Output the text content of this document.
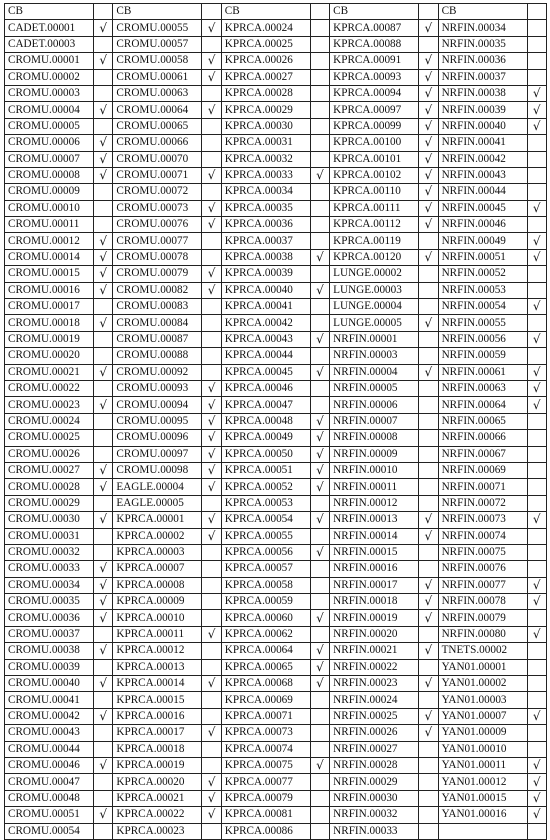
CB		CB		CB		CB		CB	
CADET.00001	√	CROMU.00055	√	KPRCA.00024		KPRCA.00087	√	NRFIN.00034	
CADET.00003		CROMU.00057		KPRCA.00025		KPRCA.00088		NRFIN.00035	
CROMU.00001	√	CROMU.00058	√	KPRCA.00026		KPRCA.00091	√	NRFIN.00036	
CROMU.00002		CROMU.00061	√	KPRCA.00027		KPRCA.00093	√	NRFIN.00037	
CROMU.00003		CROMU.00063		KPRCA.00028		KPRCA.00094	√	NRFIN.00038	√
CROMU.00004	√	CROMU.00064	√	KPRCA.00029		KPRCA.00097	√	NRFIN.00039	√
CROMU.00005		CROMU.00065		KPRCA.00030		KPRCA.00099	√	NRFIN.00040	√
CROMU.00006	√	CROMU.00066		KPRCA.00031		KPRCA.00100	√	NRFIN.00041	
CROMU.00007	√	CROMU.00070		KPRCA.00032		KPRCA.00101	√	NRFIN.00042	
CROMU.00008	√	CROMU.00071	√	KPRCA.00033	√	KPRCA.00102	√	NRFIN.00043	
CROMU.00009		CROMU.00072		KPRCA.00034		KPRCA.00110	√	NRFIN.00044	
CROMU.00010		CROMU.00073	√	KPRCA.00035		KPRCA.00111	√	NRFIN.00045	√
CROMU.00011		CROMU.00076	√	KPRCA.00036		KPRCA.00112	√	NRFIN.00046	
CROMU.00012	√	CROMU.00077		KPRCA.00037		KPRCA.00119		NRFIN.00049	√
CROMU.00014	√	CROMU.00078		KPRCA.00038	√	KPRCA.00120	√	NRFIN.00051	√
CROMU.00015	√	CROMU.00079	√	KPRCA.00039		LUNGE.00002		NRFIN.00052	
CROMU.00016	√	CROMU.00082	√	KPRCA.00040	√	LUNGE.00003		NRFIN.00053	
CROMU.00017		CROMU.00083		KPRCA.00041		LUNGE.00004		NRFIN.00054	√
CROMU.00018	√	CROMU.00084		KPRCA.00042		LUNGE.00005	√	NRFIN.00055	
CROMU.00019		CROMU.00087		KPRCA.00043	√	NRFIN.00001		NRFIN.00056	√
CROMU.00020		CROMU.00088		KPRCA.00044		NRFIN.00003		NRFIN.00059	
CROMU.00021	√	CROMU.00092		KPRCA.00045	√	NRFIN.00004	√	NRFIN.00061	√
CROMU.00022		CROMU.00093	√	KPRCA.00046		NRFIN.00005		NRFIN.00063	√
CROMU.00023	√	CROMU.00094	√	KPRCA.00047		NRFIN.00006		NRFIN.00064	√
CROMU.00024		CROMU.00095	√	KPRCA.00048	√	NRFIN.00007		NRFIN.00065	
CROMU.00025		CROMU.00096	√	KPRCA.00049	√	NRFIN.00008		NRFIN.00066	
CROMU.00026		CROMU.00097	√	KPRCA.00050	√	NRFIN.00009		NRFIN.00067	
CROMU.00027	√	CROMU.00098	√	KPRCA.00051	√	NRFIN.00010		NRFIN.00069	
CROMU.00028	√	EAGLE.00004	√	KPRCA.00052	√	NRFIN.00011		NRFIN.00071	
CROMU.00029		EAGLE.00005		KPRCA.00053		NRFIN.00012		NRFIN.00072	
CROMU.00030	√	KPRCA.00001	√	KPRCA.00054	√	NRFIN.00013	√	NRFIN.00073	√
CROMU.00031		KPRCA.00002	√	KPRCA.00055		NRFIN.00014	√	NRFIN.00074	
CROMU.00032		KPRCA.00003		KPRCA.00056	√	NRFIN.00015		NRFIN.00075	
CROMU.00033	√	KPRCA.00007		KPRCA.00057		NRFIN.00016		NRFIN.00076	
CROMU.00034	√	KPRCA.00008		KPRCA.00058		NRFIN.00017	√	NRFIN.00077	√
CROMU.00035	√	KPRCA.00009		KPRCA.00059		NRFIN.00018	√	NRFIN.00078	√
CROMU.00036	√	KPRCA.00010		KPRCA.00060	√	NRFIN.00019	√	NRFIN.00079	
CROMU.00037		KPRCA.00011	√	KPRCA.00062		NRFIN.00020		NRFIN.00080	√
CROMU.00038	√	KPRCA.00012		KPRCA.00064	√	NRFIN.00021	√	TNETS.00002	
CROMU.00039		KPRCA.00013		KPRCA.00065	√	NRFIN.00022		YAN01.00001	
CROMU.00040	√	KPRCA.00014	√	KPRCA.00068	√	NRFIN.00023	√	YAN01.00002	
CROMU.00041		KPRCA.00015		KPRCA.00069		NRFIN.00024		YAN01.00003	
CROMU.00042	√	KPRCA.00016		KPRCA.00071		NRFIN.00025	√	YAN01.00007	√
CROMU.00043		KPRCA.00017	√	KPRCA.00073		NRFIN.00026	√	YAN01.00009	
CROMU.00044		KPRCA.00018		KPRCA.00074		NRFIN.00027		YAN01.00010	
CROMU.00046	√	KPRCA.00019		KPRCA.00075	√	NRFIN.00028		YAN01.00011	√
CROMU.00047		KPRCA.00020	√	KPRCA.00077		NRFIN.00029		YAN01.00012	√
CROMU.00048		KPRCA.00021	√	KPRCA.00079		NRFIN.00030		YAN01.00015	√
CROMU.00051	√	KPRCA.00022	√	KPRCA.00081		NRFIN.00032		YAN01.00016	√
CROMU.00054		KPRCA.00023		KPRCA.00086		NRFIN.00033			
